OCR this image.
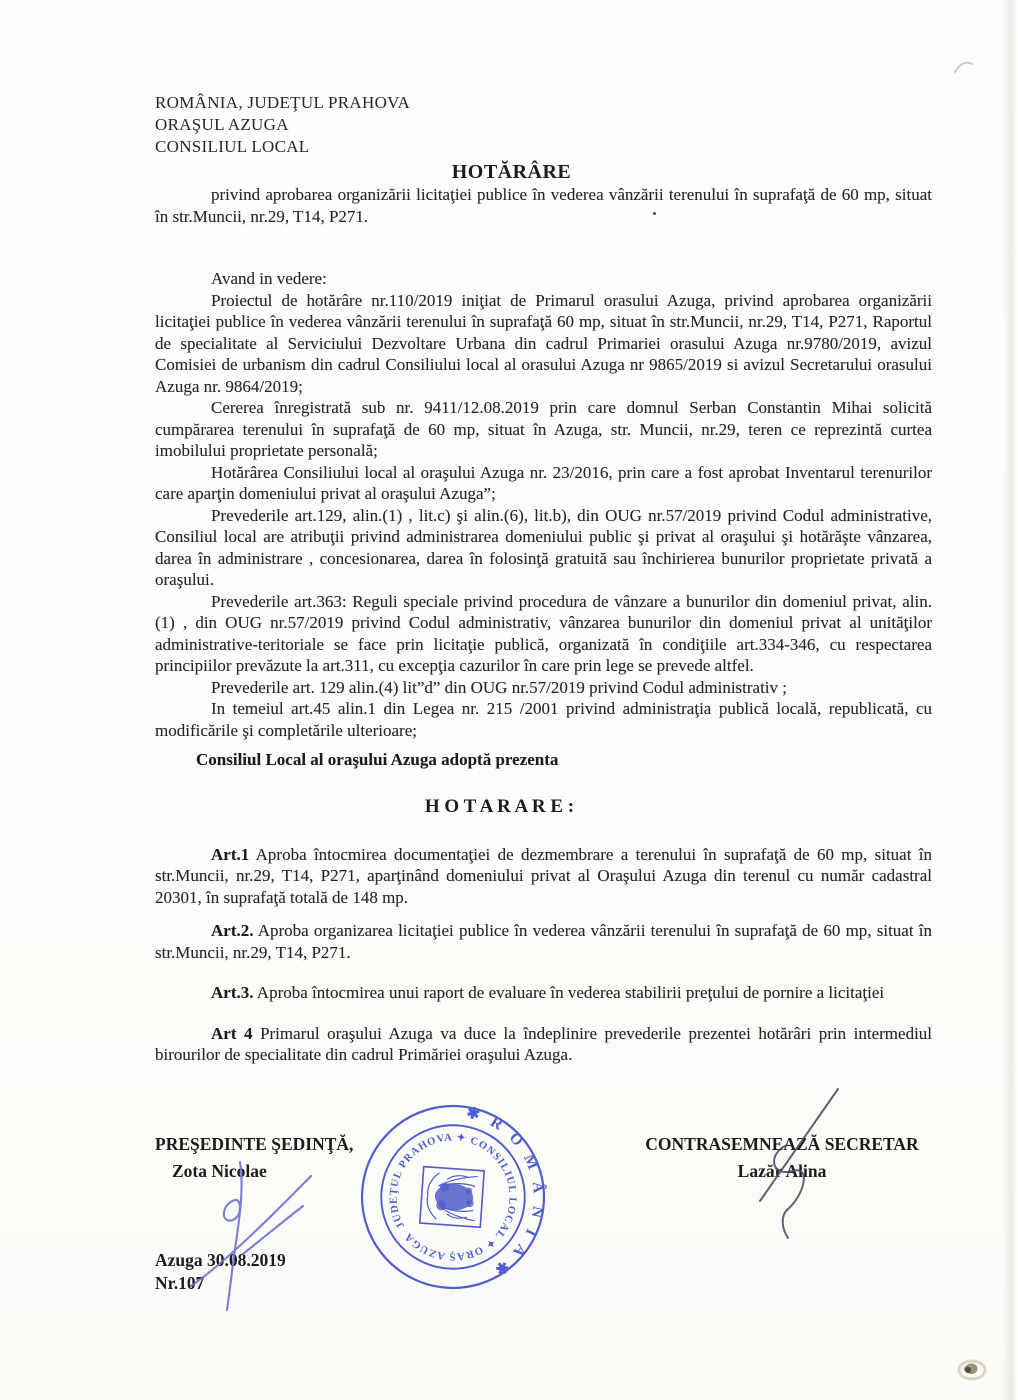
ROMÂNIA, JUDEŢUL PRAHOVA

ORAŞUL AZUGA

CONSILIUL LOCAL

HOTĂRÂRE

privind aprobarea organizării licitaţiei publice în vederea vânzării terenului în suprafaţă de 60 mp, situat în str.Muncii, nr.29, T14, P271.

Avand in vedere:

Proiectul de hotărâre nr.110/2019 iniţiat de Primarul orasului Azuga, privind aprobarea organizării licitaţiei publice în vederea vânzării terenului în suprafaţă 60 mp, situat în str.Muncii, nr.29, T14, P271, Raportul de specialitate al Serviciului Dezvoltare Urbana din cadrul Primariei orasului Azuga nr.9780/2019, avizul Comisiei de urbanism din cadrul Consiliului local al orasului Azuga nr 9865/2019 si avizul Secretarului orasului Azuga nr. 9864/2019;

Cererea înregistrată sub nr. 9411/12.08.2019 prin care domnul Serban Constantin Mihai solicită cumpărarea terenului în suprafaţă de 60 mp, situat în Azuga, str. Muncii, nr.29, teren ce reprezintă curtea imobilului proprietate personală;

Hotărârea Consiliului local al oraşului Azuga nr. 23/2016, prin care a fost aprobat Inventarul terenurilor care aparţin domeniului privat al oraşului Azuga”;

Prevederile art.129, alin.(1) , lit.c) şi alin.(6), lit.b), din OUG nr.57/2019 privind Codul administrative, Consiliul local are atribuţii privind administrarea domeniului public şi privat al oraşului şi hotărăşte vânzarea, darea în administrare , concesionarea, darea în folosinţă gratuită sau închirierea bunurilor proprietate privată a oraşului.

Prevederile art.363: Reguli speciale privind procedura de vânzare a bunurilor din domeniul privat, alin.(1) , din OUG nr.57/2019 privind Codul administrativ, vânzarea bunurilor din domeniul privat al unităţilor administrative-teritoriale se face prin licitaţie publică, organizată în condiţiile art.334-346, cu respectarea principiilor prevăzute la art.311, cu excepţia cazurilor în care prin lege se prevede altfel.

Prevederile art. 129 alin.(4) lit”d” din OUG nr.57/2019 privind Codul administrativ ;

In temeiul art.45 alin.1 din Legea nr. 215 /2001 privind administraţia publică locală, republicată, cu modificările şi completările ulterioare;

Consiliul Local al oraşului Azuga adoptă prezenta

H O T A R A R E :

Art.1 Aproba întocmirea documentaţiei de dezmembrare a terenului în suprafaţă de 60 mp, situat în str.Muncii, nr.29, T14, P271, aparţinând domeniului privat al Oraşului Azuga din terenul cu număr cadastral 20301, în suprafaţă totală de 148 mp.

Art.2. Aproba organizarea licitaţiei publice în vederea vânzării terenului în suprafaţă de 60 mp, situat în str.Muncii, nr.29, T14, P271.

Art.3. Aproba întocmirea unui raport de evaluare în vederea stabilirii preţului de pornire a licitaţiei

Art 4 Primarul oraşului Azuga va duce la îndeplinire prevederile prezentei hotărâri prin intermediul birourilor de specialitate din cadrul Primăriei oraşului Azuga.

PREŞEDINTE ŞEDINŢĂ,

Zota Nicolae

CONTRASEMNEAZĂ SECRETAR

Lazăr Alina

Azuga 30.08.2019

Nr.107

✱ R O M Â N I A ✱
JUDEŢUL PRAHOVA ✦ CONSILIUL LOCAL ✦ ORAŞ AZUGA
